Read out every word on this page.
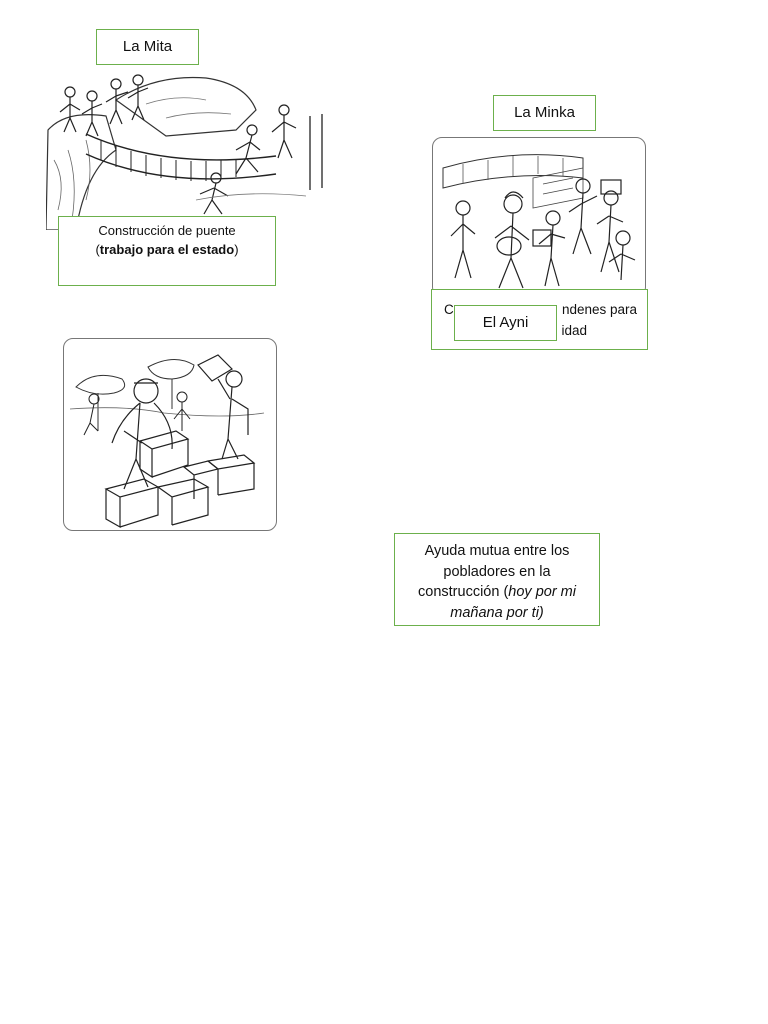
La Mita
Construcción de puente
(trabajo para el estado)
La Minka
C	ndenes para
idad
El Ayni
Ayuda mutua entre los pobladores en la construcción (hoy por mi mañana por ti)
